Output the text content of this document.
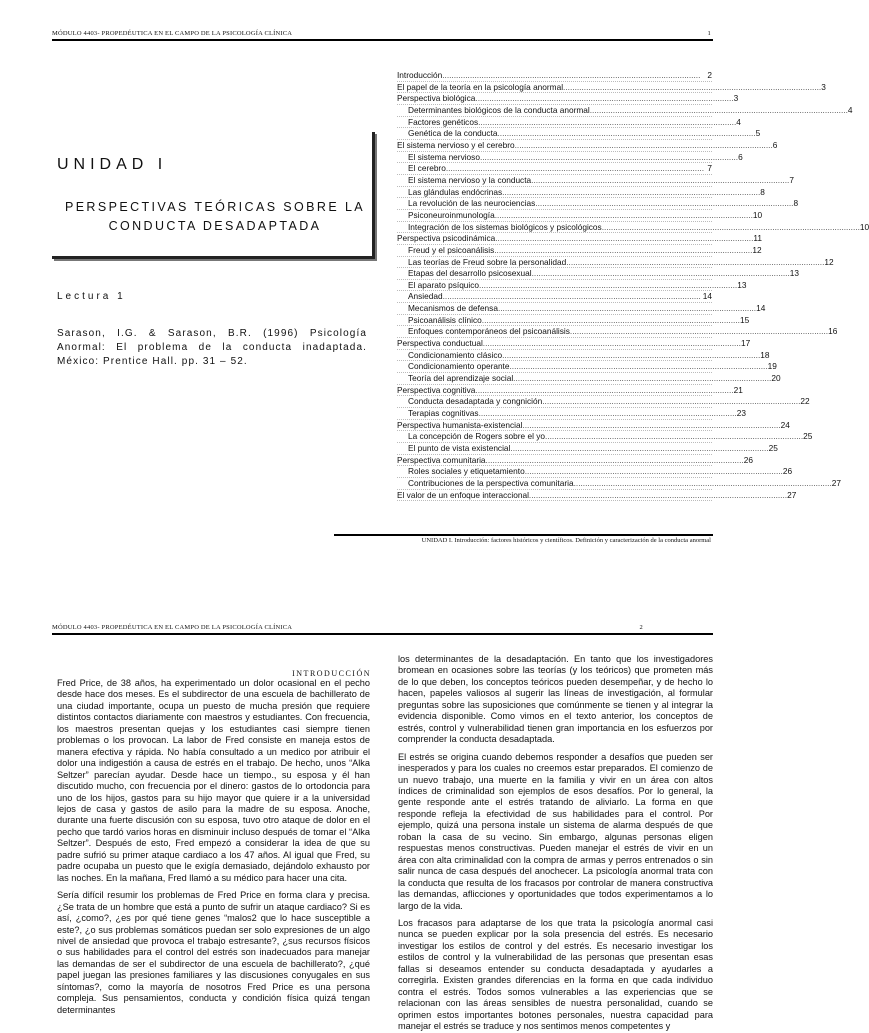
MÓDULO 4403- PROPEDÉUTICA EN EL CAMPO DE LA PSICOLOGÍA CLÍNICA	1
UNIDAD I
PERSPECTIVAS TEÓRICAS SOBRE LA CONDUCTA DESADAPTADA
Lectura 1
Sarason, I.G. & Sarason, B.R. (1996) Psicología Anormal: El problema de la conducta inadaptada. México: Prentice Hall. pp. 31 – 52.
Introducción .....	2
El papel de la teoría en la psicología anormal .....	3
Perspectiva biológica .....	3
Determinantes biológicos de la conducta anormal .....	4
Factores genéticos .....	4
Genética de la conducta .....	5
El sistema nervioso y el cerebro .....	6
El sistema nervioso .....	6
El cerebro .....	7
El sistema nervioso y la conducta .....	7
Las glándulas endócrinas .....	8
La revolución de las neurociencias .....	8
Psiconeuroinmunología .....	10
Integración de los sistemas biológicos y psicológicos .....	10
Perspectiva psicodinámica .....	11
Freud y el psicoanálisis .....	12
Las teorías de Freud sobre la personalidad .....	12
Etapas del desarrollo psicosexual .....	13
El aparato psíquico .....	13
Ansiedad .....	14
Mecanismos de defensa .....	14
Psicoanálisis clínico .....	15
Enfoques contemporáneos del psicoanálisis .....	16
Perspectiva conductual .....	17
Condicionamiento clásico .....	18
Condicionamiento operante .....	19
Teoría del aprendizaje social .....	20
Perspectiva cognitiva .....	21
Conducta desadaptada y congnición .....	22
Terapias cognitivas .....	23
Perspectiva humanista-existencial .....	24
La concepción de Rogers sobre el yo .....	25
El punto de vista existencial .....	25
Perspectiva comunitaria .....	26
Roles sociales y etiquetamiento .....	26
Contribuciones de la perspectiva comunitaria .....	27
El valor de un enfoque interaccional .....	27
UNIDAD I. Introducción: factores históricos y científicos. Definición y caracterización de la conducta anormal
MÓDULO 4403- PROPEDÉUTICA EN EL CAMPO DE LA PSICOLOGÍA CLÍNICA	2
INTRODUCCIÓN

Fred Price, de 38 años, ha experimentado un dolor ocasional en el pecho desde hace dos meses. Es el subdirector de una escuela de bachillerato de una ciudad importante, ocupa un puesto de mucha presión que requiere distintos contactos diariamente con maestros y estudiantes. Con frecuencia, los maestros presentan quejas y los estudiantes casi siempre tienen problemas o los provocan. La labor de Fred consiste en maneja estos de manera efectiva y rápida. No había consultado a un medico por atribuir el dolor una indigestión a causa de estrés en el trabajo. De hecho, unos “Alka Seltzer” parecían ayudar. Desde hace un tiempo., su esposa y él han discutido mucho, con frecuencia por el dinero: gastos de lo ortodoncia para uno de los hijos, gastos para su hijo mayor que quiere ir a la universidad lejos de casa y gastos de asilo para la madre de su esposa. Anoche, durante una fuerte discusión con su esposa, tuvo otro ataque de dolor en el pecho que tardó varios horas en disminuir incluso después de tomar el “Alka Seltzer”. Después de esto, Fred empezó a considerar la idea de que su padre sufrió su primer ataque cardiaco a los 47 años. Al igual que Fred, su padre ocupaba un puesto que le exigía demasiado, dejándolo exhausto por las noches. En la mañana, Fred llamó a su médico para hacer una cita.

Sería difícil resumir los problemas de Fred Price en forma clara y precisa. ¿Se trata de un hombre que está a punto de sufrir un ataque cardiaco? Si es así, ¿como?, ¿es por qué tiene genes “malos2 que lo hace susceptible a este?, ¿o sus problemas somáticos puedan ser solo expresiones de un algo nivel de ansiedad que provoca el trabajo estresante?, ¿sus recursos físicos o sus habilidades para el control del estrés son inadecuados para manejar las demandas de ser el subdirector de una escuela de bachillerato?, ¿qué papel juegan las presiones familiares y las discusiones conyugales en sus síntomas?, como la mayoría de nosotros Fred Price es una persona compleja. Sus pensamientos, conducta y condición física quizá tengan determinantes

los determinantes de la desadaptación. En tanto que los investigadores bromean en ocasiones sobre las teorías (y los teóricos) que prometen más de lo que deben, los conceptos teóricos pueden desempeñar, y de hecho lo hacen, papeles valiosos al sugerir las líneas de investigación, al formular preguntas sobre las suposiciones que comúnmente se tienen y al integrar la evidencia disponible. Como vimos en el texto anterior, los conceptos de estrés, control y vulnerabilidad tienen gran importancia en los esfuerzos por comprender la conducta desadaptada.

El estrés se origina cuando debemos responder a desafíos que pueden ser inesperados y para los cuales no creemos estar preparados. El comienzo de un nuevo trabajo, una muerte en la familia y vivir en un área con altos índices de criminalidad son ejemplos de esos desafíos. Por lo general, la gente responde ante el estrés tratando de aliviarlo. La forma en que responde refleja la efectividad de sus habilidades para el control. Por ejemplo, quizá una persona instale un sistema de alarma después de que roban la casa de su vecino. Sin embargo, algunas personas eligen respuestas menos constructivas. Pueden manejar el estrés de vivir en un área con alta criminalidad con la compra de armas y perros entrenados o sin salir nunca de casa después del anochecer. La psicología anormal trata con la conducta que resulta de los fracasos por controlar de manera constructiva las demandas, aflicciones y oportunidades que todos experimentamos a lo largo de la vida.

Los fracasos para adaptarse de los que trata la psicología anormal casi nunca se pueden explicar por la sola presencia del estrés. Es necesario investigar los estilos de control y del estrés. Es necesario investigar los estilos de control y la vulnerabilidad de las personas que presentan esas fallas si deseamos entender su conducta desadaptada y ayudarles a corregirla. Existen grandes diferencias en la forma en que cada individuo contra el estrés. Todos somos vulnerables a las experiencias que se relacionan con las áreas sensibles de nuestra personalidad, cuando se oprimen estos importantes botones personales, nuestra capacidad para manejar el estrés se traduce y nos sentimos menos competentes y
